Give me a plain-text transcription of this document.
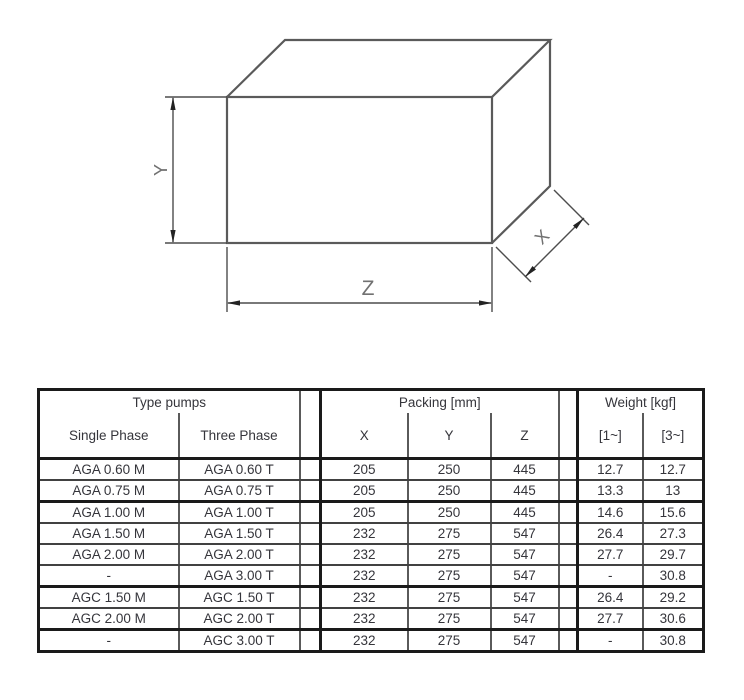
Y
Z
X
Type pumps			Packing [mm]				Weight [kgf]	
Single Phase	Three Phase		X	Y	Z		[1~]	[3~]
AGA 0.60 M	AGA 0.60 T		205	250	445		12.7	12.7
AGA 0.75 M	AGA 0.75 T		205	250	445		13.3	13
AGA 1.00 M	AGA 1.00 T		205	250	445		14.6	15.6
AGA 1.50 M	AGA 1.50 T		232	275	547		26.4	27.3
AGA 2.00 M	AGA 2.00 T		232	275	547		27.7	29.7
-	AGA 3.00 T		232	275	547		-	30.8
AGC 1.50 M	AGC 1.50 T		232	275	547		26.4	29.2
AGC 2.00 M	AGC 2.00 T		232	275	547		27.7	30.6
-	AGC 3.00 T		232	275	547		-	30.8
